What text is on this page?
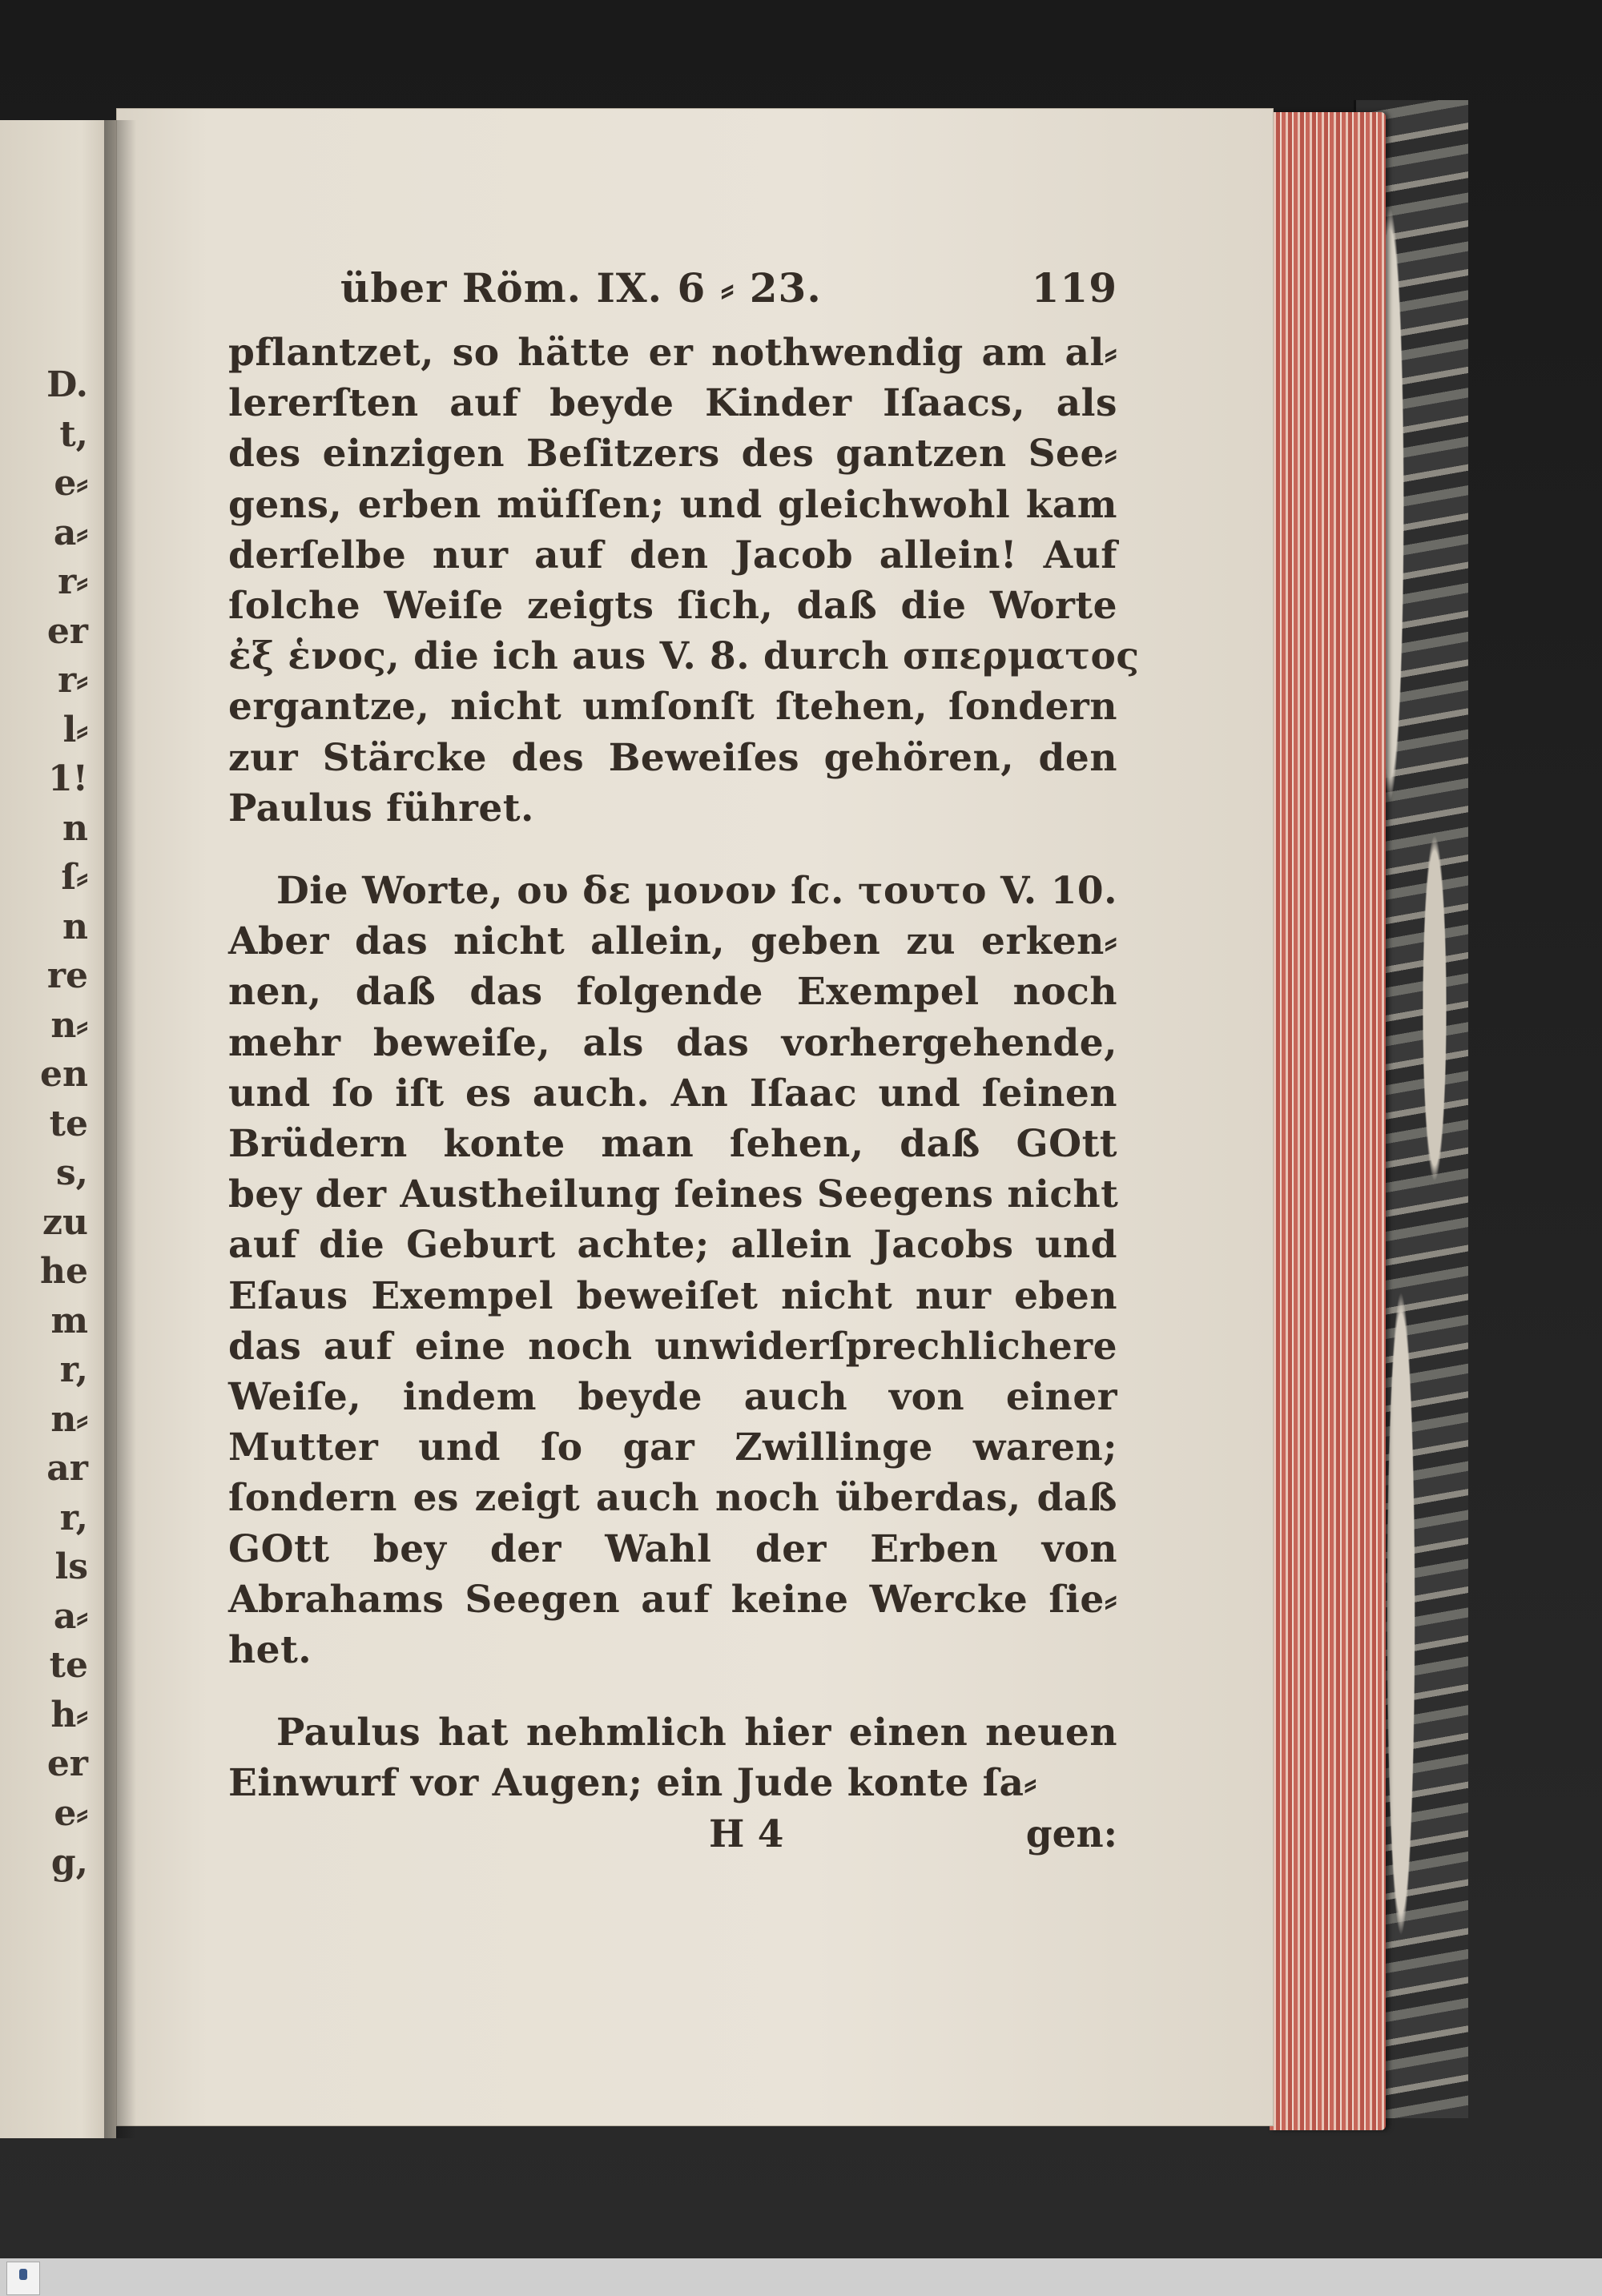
D.
t,
e⸗
a⸗
r⸗
er
r⸗
l⸗
1!
n
ſ⸗
n
re
n⸗
en
te
s,
zu
he
m
r,
n⸗
ar
r,
ls
a⸗
te
h⸗
er
e⸗
g,
über Röm. IX. 6 ⸗ 23.	119
pflantzet, so hätte er nothwendig am al⸗
lererſten auf beyde Kinder Iſaacs, als
des einzigen Beſitzers des gantzen See⸗
gens, erben müſſen; und gleichwohl kam
derſelbe nur auf den Jacob allein! Auf
ſolche Weiſe zeigts ſich, daß die Worte
ἐξ ἑνος, die ich aus V. 8. durch σπερματος
ergantze, nicht umſonſt ſtehen, ſondern
zur Stärcke des Beweiſes gehören, den
Paulus führet.
Die Worte, ου δε μονον ſc. τουτο V. 10.
Aber das nicht allein, geben zu erken⸗
nen, daß das folgende Exempel noch
mehr beweiſe, als das vorhergehende,
und ſo iſt es auch. An Iſaac und ſeinen
Brüdern konte man ſehen, daß GOtt
bey der Austheilung ſeines Seegens nicht
auf die Geburt achte; allein Jacobs und
Eſaus Exempel beweiſet nicht nur eben
das auf eine noch unwiderſprechlichere
Weiſe, indem beyde auch von einer
Mutter und ſo gar Zwillinge waren;
ſondern es zeigt auch noch überdas, daß
GOtt bey der Wahl der Erben von
Abrahams Seegen auf keine Wercke ſie⸗
het.
Paulus hat nehmlich hier einen neuen
Einwurf vor Augen; ein Jude konte ſa⸗
H 4	gen:
